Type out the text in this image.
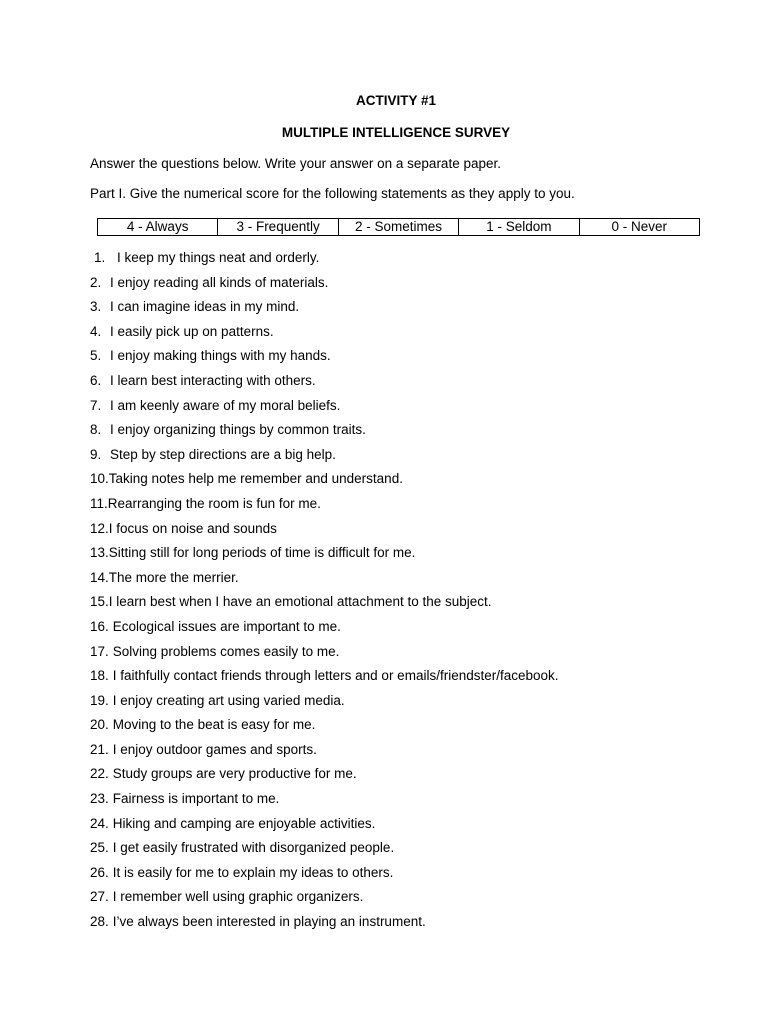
ACTIVITY #1
MULTIPLE INTELLIGENCE SURVEY
Answer the questions below. Write your answer on a separate paper.
Part I. Give the numerical score for the following statements as they apply to you.
4 - Always	3 - Frequently	2 - Sometimes	1 - Seldom	0 - Never
1. I keep my things neat and orderly.
2. I enjoy reading all kinds of materials.
3. I can imagine ideas in my mind.
4. I easily pick up on patterns.
5. I enjoy making things with my hands.
6. I learn best interacting with others.
7. I am keenly aware of my moral beliefs.
8. I enjoy organizing things by common traits.
9. Step by step directions are a big help.
10.Taking notes help me remember and understand.
11.Rearranging the room is fun for me.
12.I focus on noise and sounds
13.Sitting still for long periods of time is difficult for me.
14.The more the merrier.
15.I learn best when I have an emotional attachment to the subject.
16. Ecological issues are important to me.
17. Solving problems comes easily to me.
18. I faithfully contact friends through letters and or emails/friendster/facebook.
19. I enjoy creating art using varied media.
20. Moving to the beat is easy for me.
21. I enjoy outdoor games and sports.
22. Study groups are very productive for me.
23. Fairness is important to me.
24. Hiking and camping are enjoyable activities.
25. I get easily frustrated with disorganized people.
26. It is easily for me to explain my ideas to others.
27. I remember well using graphic organizers.
28. I’ve always been interested in playing an instrument.
